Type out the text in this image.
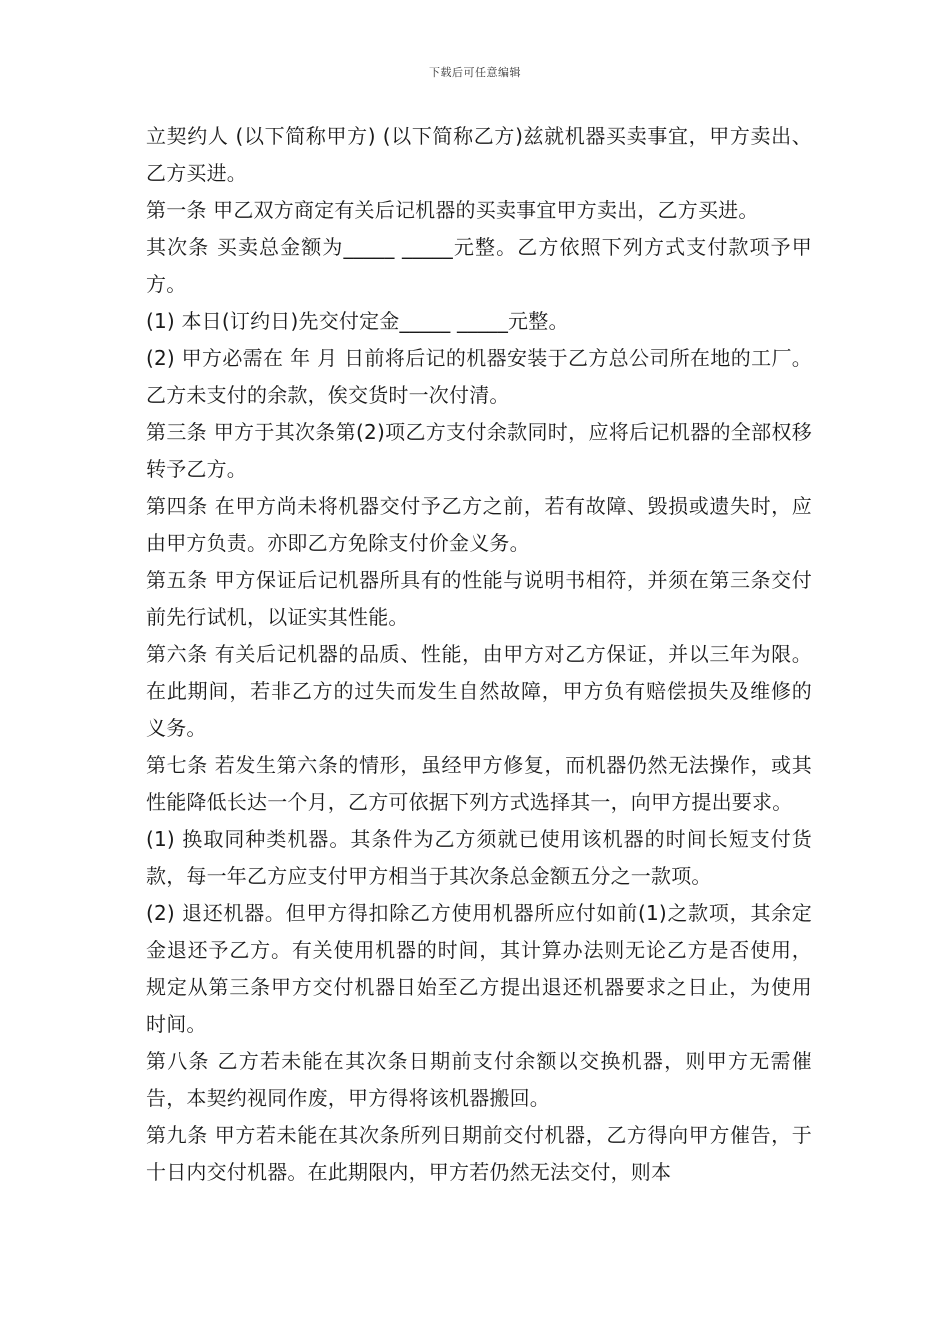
下载后可任意编辑

立契约人 (以下简称甲方) (以下简称乙方)兹就机器买卖事宜，甲方卖出、乙方买进。

第一条 甲乙双方商定有关后记机器的买卖事宜甲方卖出，乙方买进。

其次条 买卖总金额为_____ _____元整。乙方依照下列方式支付款项予甲方。

(1) 本日(订约日)先交付定金_____ _____元整。

(2) 甲方必需在 年 月 日前将后记的机器安装于乙方总公司所在地的工厂。乙方未支付的余款，俟交货时一次付清。

第三条 甲方于其次条第(2)项乙方支付余款同时，应将后记机器的全部权移转予乙方。

第四条 在甲方尚未将机器交付予乙方之前，若有故障、毁损或遗失时，应由甲方负责。亦即乙方免除支付价金义务。

第五条 甲方保证后记机器所具有的性能与说明书相符，并须在第三条交付前先行试机，以证实其性能。

第六条 有关后记机器的品质、性能，由甲方对乙方保证，并以三年为限。在此期间，若非乙方的过失而发生自然故障，甲方负有赔偿损失及维修的义务。

第七条 若发生第六条的情形，虽经甲方修复，而机器仍然无法操作，或其性能降低长达一个月，乙方可依据下列方式选择其一，向甲方提出要求。

(1) 换取同种类机器。其条件为乙方须就已使用该机器的时间长短支付货款，每一年乙方应支付甲方相当于其次条总金额五分之一款项。

(2) 退还机器。但甲方得扣除乙方使用机器所应付如前(1)之款项，其余定金退还予乙方。有关使用机器的时间，其计算办法则无论乙方是否使用，规定从第三条甲方交付机器日始至乙方提出退还机器要求之日止，为使用时间。

第八条 乙方若未能在其次条日期前支付余额以交换机器，则甲方无需催告，本契约视同作废，甲方得将该机器搬回。

第九条 甲方若未能在其次条所列日期前交付机器，乙方得向甲方催告，于十日内交付机器。在此期限内，甲方若仍然无法交付，则本
